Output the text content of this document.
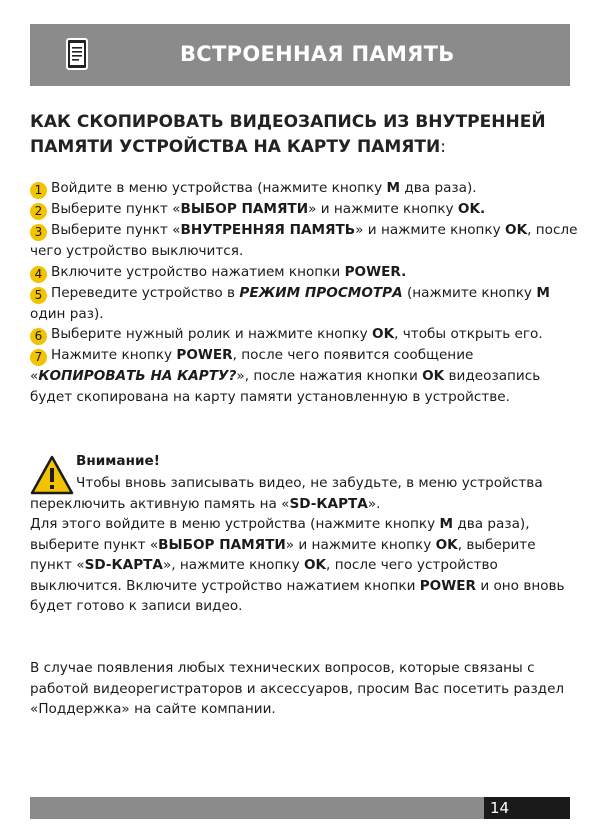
ВСТРОЕННАЯ ПАМЯТЬ
КАК СКОПИРОВАТЬ ВИДЕОЗАПИСЬ ИЗ ВНУТРЕННЕЙ ПАМЯТИ УСТРОЙСТВА НА КАРТУ ПАМЯТИ:

1 Войдите в меню устройства (нажмите кнопку M два раза).

2 Выберите пункт «ВЫБОР ПАМЯТИ» и нажмите кнопку OK.

3 Выберите пункт «ВНУТРЕННЯЯ ПАМЯТЬ» и нажмите кнопку OK, после чего устройство выключится.

4 Включите устройство нажатием кнопки POWER.

5 Переведите устройство в РЕЖИМ ПРОСМОТРА (нажмите кнопку M один раз).

6 Выберите нужный ролик и нажмите кнопку OK, чтобы открыть его.

7 Нажмите кнопку POWER, после чего появится сообщение «КОПИРОВАТЬ НА КАРТУ?», после нажатия кнопки OK видеозапись будет скопирована на карту памяти установленную в устройстве.

Внимание!
Чтобы вновь записывать видео, не забудьте, в меню устройства переключить активную память на «SD-КАРТА».
Для этого войдите в меню устройства (нажмите кнопку M два раза), выберите пункт «ВЫБОР ПАМЯТИ» и нажмите кнопку OK, выберите пункт «SD-КАРТА», нажмите кнопку OK, после чего устройство выключится. Включите устройство нажатием кнопки POWER и оно вновь будет готово к записи видео.
В случае появления любых технических вопросов, которые связаны с работой видеорегистраторов и аксессуаров, просим Вас посетить раздел «Поддержка» на сайте компании.
14
